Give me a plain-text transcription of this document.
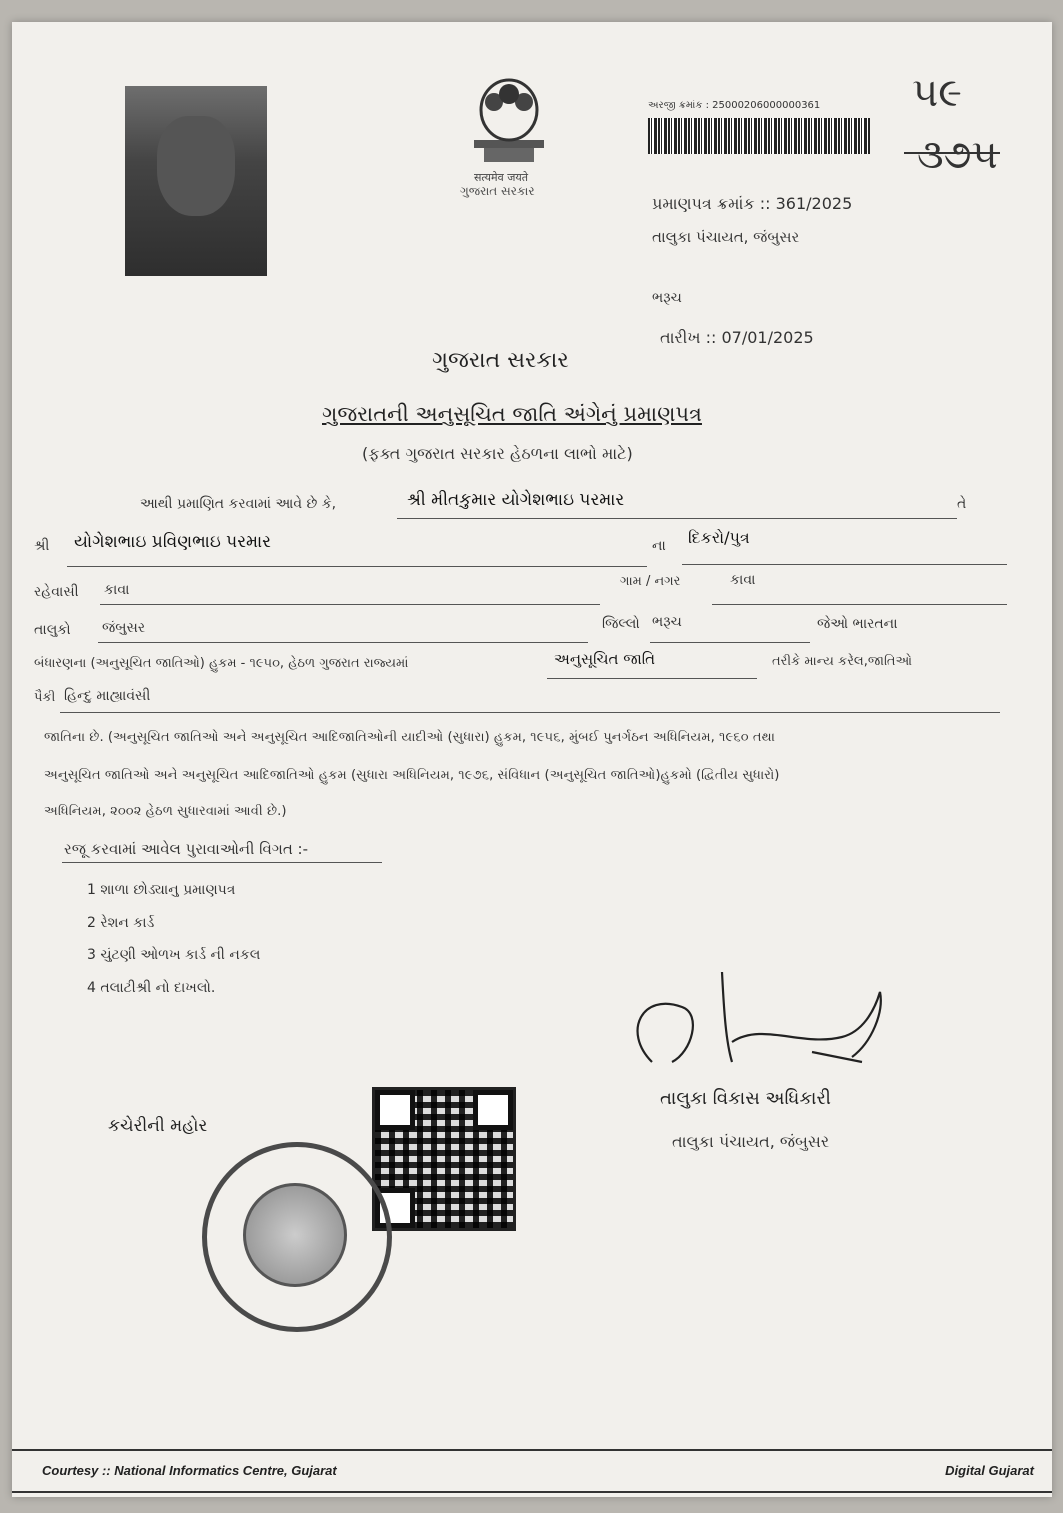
सत्यमेव जयते
ગુજરાત સરકાર
અરજી ક્રમાંક : 25000206000000361 ૫૯
૩૭૫
પ્રમાણપત્ર ક્રમાંક :: 361/2025
તાલુકા પંચાયત, જંબુસર
ભરૂચ
તારીખ :: 07/01/2025
ગુજરાત સરકાર
ગુજરાતની અનુસૂચિત જાતિ અંગેનું પ્રમાણપત્ર
(ફક્ત ગુજરાત સરકાર હેઠળના લાભો માટે)
આથી પ્રમાણિત કરવામાં આવે છે કે,	શ્રી મીતકુમાર યોગેશભાઇ પરમાર	તે
શ્રી યોગેશભાઇ પ્રવિણભાઇ પરમાર	ના દિકરો/પુત્ર
રહેવાસી કાવા
ગામ / નગર	કાવા
તાલુકો જંબુસર	જિલ્લો ભરૂચ	જેઓ ભારતના
બંધારણના (અનુસૂચિત જાતિઓ) હુકમ - ૧૯૫૦, હેઠળ ગુજરાત રાજ્યમાં	અનુસૂચિત જાતિ	તરીકે માન્ય કરેલ,જાતિઓ
પૈકી હિન્દુ માહ્યાવંસી
જાતિના છે. (અનુસૂચિત જાતિઓ અને અનુસૂચિત આદિજાતિઓની યાદીઓ (સુધારા) હુકમ, ૧૯૫૬, મુંબઈ પુનર્ગઠન અધિનિયમ, ૧૯૬૦ તથા
અનુસૂચિત જાતિઓ અને અનુસૂચિત આદિજાતિઓ હુકમ (સુધારા અધિનિયમ, ૧૯૭૬, સંવિધાન (અનુસૂચિત જાતિઓ)હુકમો (દ્વિતીય સુધારો)
અધિનિયમ, ૨૦૦૨ હેઠળ સુધારવામાં આવી છે.)
રજૂ કરવામાં આવેલ પુરાવાઓની વિગત :-
1 શાળા છોડ્યાનુ પ્રમાણપત્ર
2 રેશન કાર્ડ
3 ચુંટણી ઓળખ કાર્ડ ની નકલ
4 તલાટીશ્રી નો દાખલો.
તાલુકા વિકાસ અધિકારી
તાલુકા પંચાયત, જંબુસર
કચેરીની મહોર
Courtesy :: National Informatics Centre, Gujarat	Digital Gujarat
